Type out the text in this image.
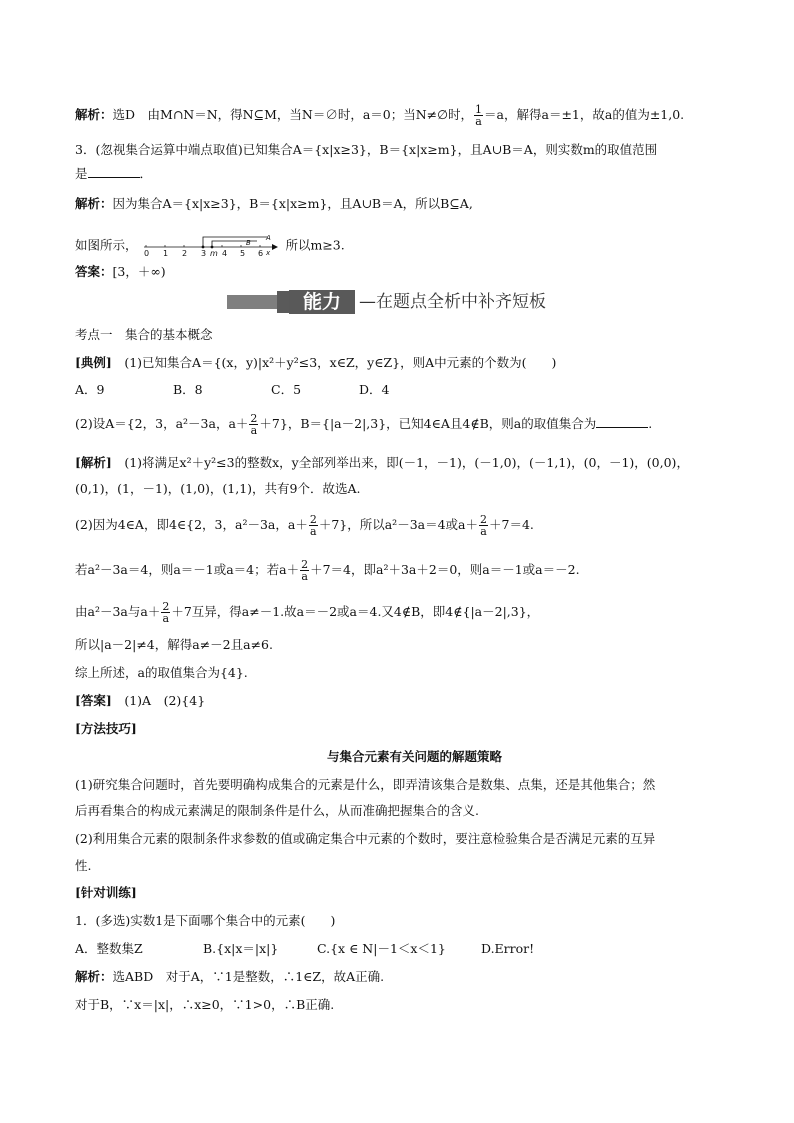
解析：选D　由M∩N＝N，得N⊆M，当N＝∅时，a＝0；当N≠∅时， $\frac{1}{a} =a$，解得a＝±1，故a的值为±1,0.
3．(忽视集合运算中端点取值)已知集合A＝{x|x≥3}，B＝{x|x≥m}，且A∪B＝A，则实数m的取值范围
是	．
解析：因为集合A＝{x|x≥3}，B＝{x|x≥m}，且A∪B＝A，所以B⊆A,
如图所示，
0 1 2 3 4 5 6
m	x
A
B	所以m≥3.
答案：[3，＋∞)
能力	—在题点全析中补齐短板
考点一　集合的基本概念
[典例]　(1)已知集合A＝{(x，y)|x²＋y²≤3，x∈Z，y∈Z}，则A中元素的个数为(　　)
A．9	B．8	C．5	D．4
(2)设A＝{2，3，a²－3a，$a+ \frac{2}{a} +7$}，B＝{|a－2|,3}，已知4∈A且4∉B，则a的取值集合为	.
[解析]　(1)将满足x²＋y²≤3的整数x，y全部列举出来，即(－1，－1)，(－1,0)，(－1,1)，(0，－1)，(0,0)，
(0,1)，(1，－1)，(1,0)，(1,1)，共有9个．故选A.
(2)因为4∈A，即4∈{2，3，a²－3a，$a+ \frac{2}{a} +7$}，所以a²－3a＝4或$a+ \frac{2}{a} +7=4$.
若a²－3a＝4，则a＝－1或a＝4；若$a+ \frac{2}{a} +7=4$，即a²＋3a＋2＝0，则a＝－1或a＝－2.
由a²－3a与$a+ \frac{2}{a} +7$互异，得a≠－1.故a＝－2或a＝4.又4∉B，即4∉{|a－2|,3}，
所以|a－2|≠4，解得a≠－2且a≠6.
综上所述，a的取值集合为{4}.
[答案]　(1)A　(2){4}
[方法技巧]
与集合元素有关问题的解题策略
(1)研究集合问题时，首先要明确构成集合的元素是什么，即弄清该集合是数集、点集，还是其他集合；然
后再看集合的构成元素满足的限制条件是什么，从而准确把握集合的含义.
(2)利用集合元素的限制条件求参数的值或确定集合中元素的个数时，要注意检验集合是否满足元素的互异
性.
[针对训练]
1．(多选)实数1是下面哪个集合中的元素(　　)
A．整数集Z	B.{x|x＝|x|}	C.{x ∈ N|－1＜x＜1}	D.Error!
解析：选ABD　对于A，∵1是整数，∴1∈Z，故A正确.
对于B，∵x＝|x|，∴x≥0，∵1>0，∴B正确.
